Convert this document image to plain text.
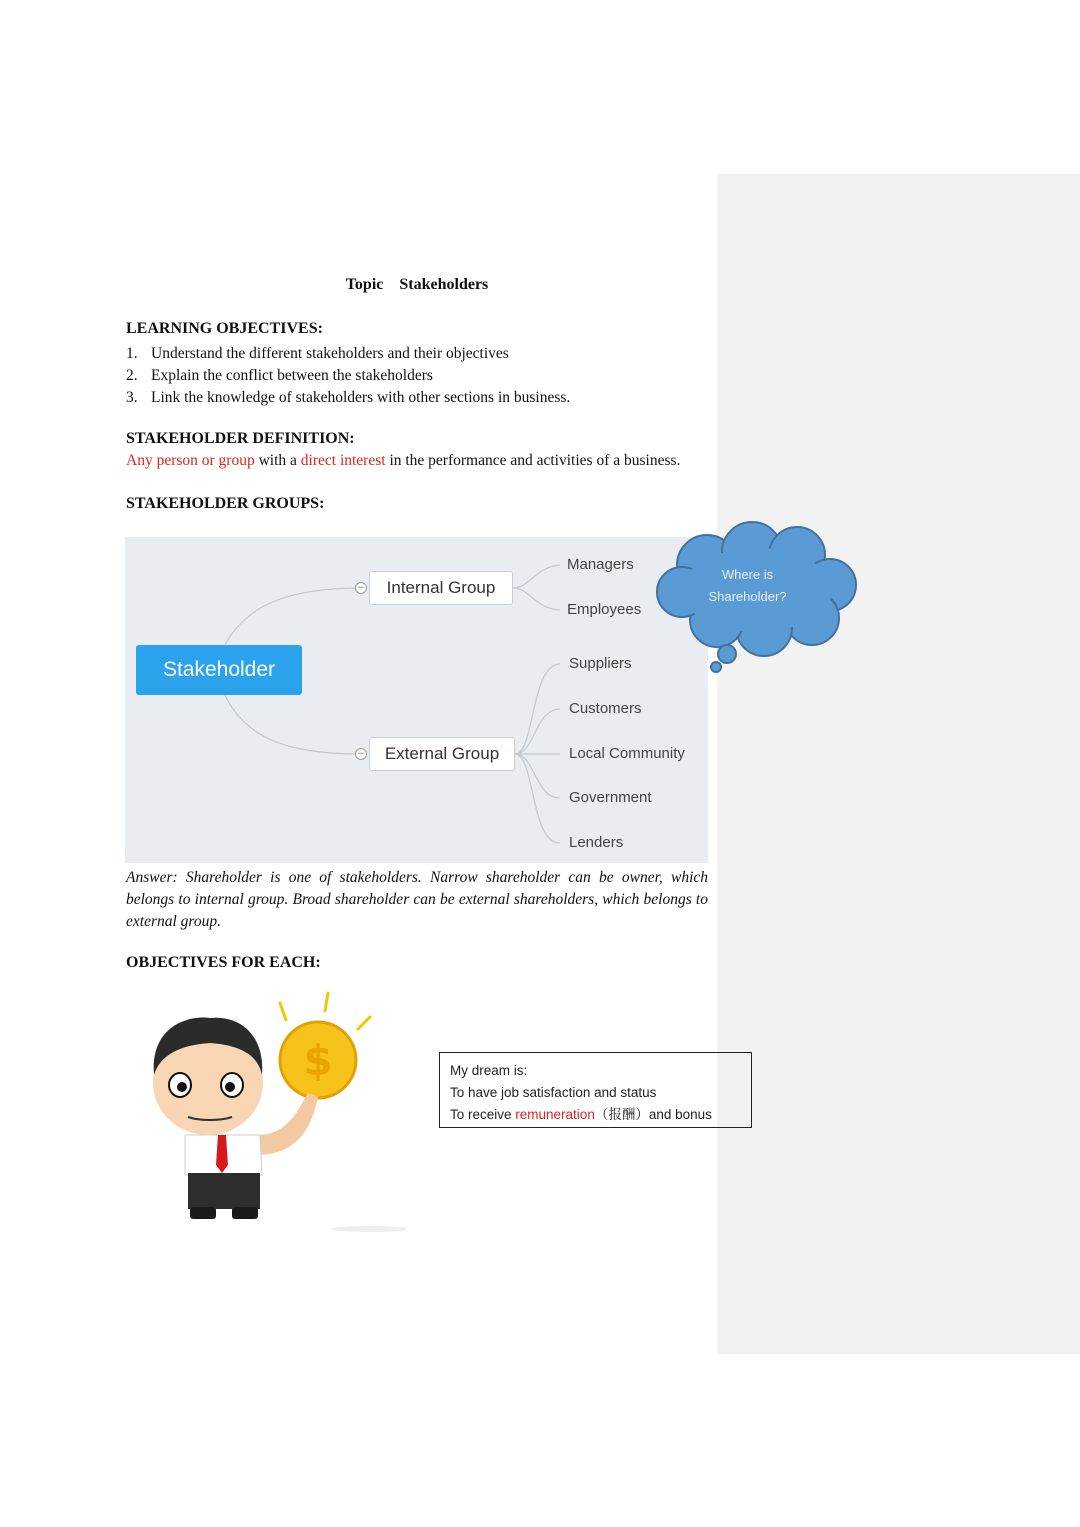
Topic Stakeholders
LEARNING OBJECTIVES:
1. Understand the different stakeholders and their objectives
2. Explain the conflict between the stakeholders
3. Link the knowledge of stakeholders with other sections in business.
STAKEHOLDER DEFINITION:
Any person or group with a direct interest in the performance and activities of a business.
STAKEHOLDER GROUPS:
Stakeholder
−	Internal Group
−	External Group
Managers
Employees
Suppliers
Customers
Local Community
Government
Lenders
Where is
Shareholder?
Answer: Shareholder is one of stakeholders. Narrow shareholder can be owner, which belongs to internal group. Broad shareholder can be external shareholders, which belongs to external group.
OBJECTIVES FOR EACH:
$	My dream is:
To have job satisfaction and status
To receive remuneration（报酬）and bonus
